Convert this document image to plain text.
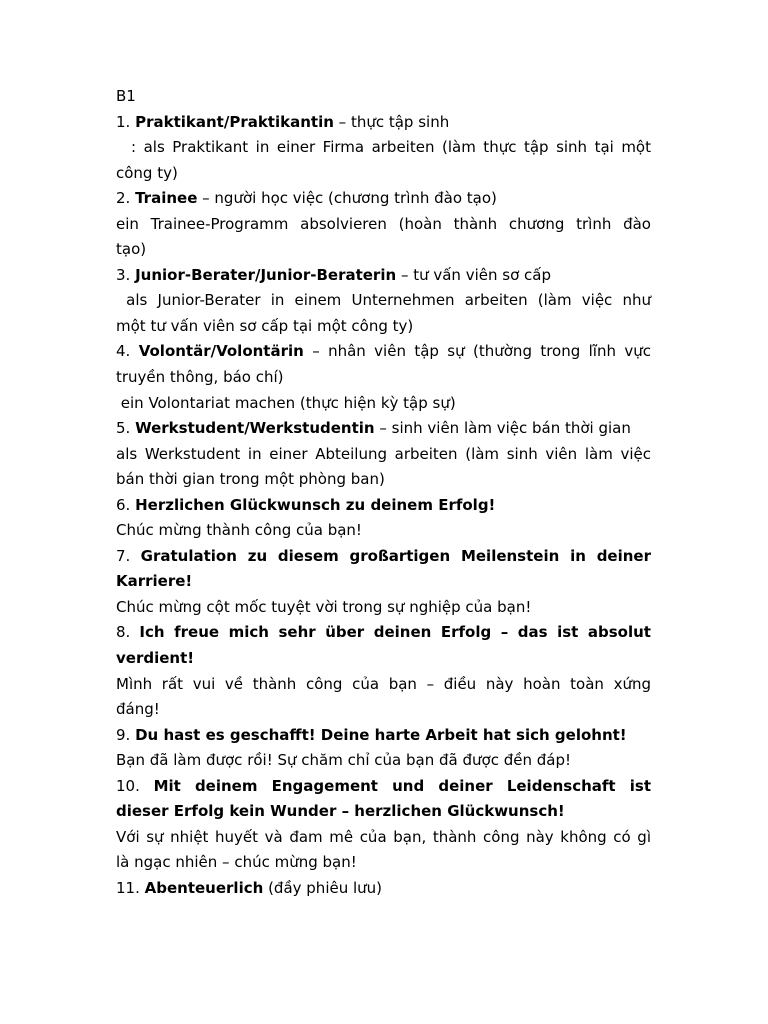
B1
1. Praktikant/Praktikantin – thực tập sinh
: als Praktikant in einer Firma arbeiten (làm thực tập sinh tại một
công ty)
2. Trainee – người học việc (chương trình đào tạo)
ein Trainee-Programm absolvieren (hoàn thành chương trình đào
tạo)
3. Junior-Berater/Junior-Beraterin – tư vấn viên sơ cấp
als Junior-Berater in einem Unternehmen arbeiten (làm việc như
một tư vấn viên sơ cấp tại một công ty)
4. Volontär/Volontärin – nhân viên tập sự (thường trong lĩnh vực
truyền thông, báo chí)
ein Volontariat machen (thực hiện kỳ tập sự)
5. Werkstudent/Werkstudentin – sinh viên làm việc bán thời gian
als Werkstudent in einer Abteilung arbeiten (làm sinh viên làm việc
bán thời gian trong một phòng ban)
6. Herzlichen Glückwunsch zu deinem Erfolg!
Chúc mừng thành công của bạn!
7. Gratulation zu diesem großartigen Meilenstein in deiner
Karriere!
Chúc mừng cột mốc tuyệt vời trong sự nghiệp của bạn!
8. Ich freue mich sehr über deinen Erfolg – das ist absolut
verdient!
Mình rất vui về thành công của bạn – điều này hoàn toàn xứng
đáng!
9. Du hast es geschafft! Deine harte Arbeit hat sich gelohnt!
Bạn đã làm được rồi! Sự chăm chỉ của bạn đã được đền đáp!
10. Mit deinem Engagement und deiner Leidenschaft ist
dieser Erfolg kein Wunder – herzlichen Glückwunsch!
Với sự nhiệt huyết và đam mê của bạn, thành công này không có gì
là ngạc nhiên – chúc mừng bạn!
11. Abenteuerlich (đầy phiêu lưu)
